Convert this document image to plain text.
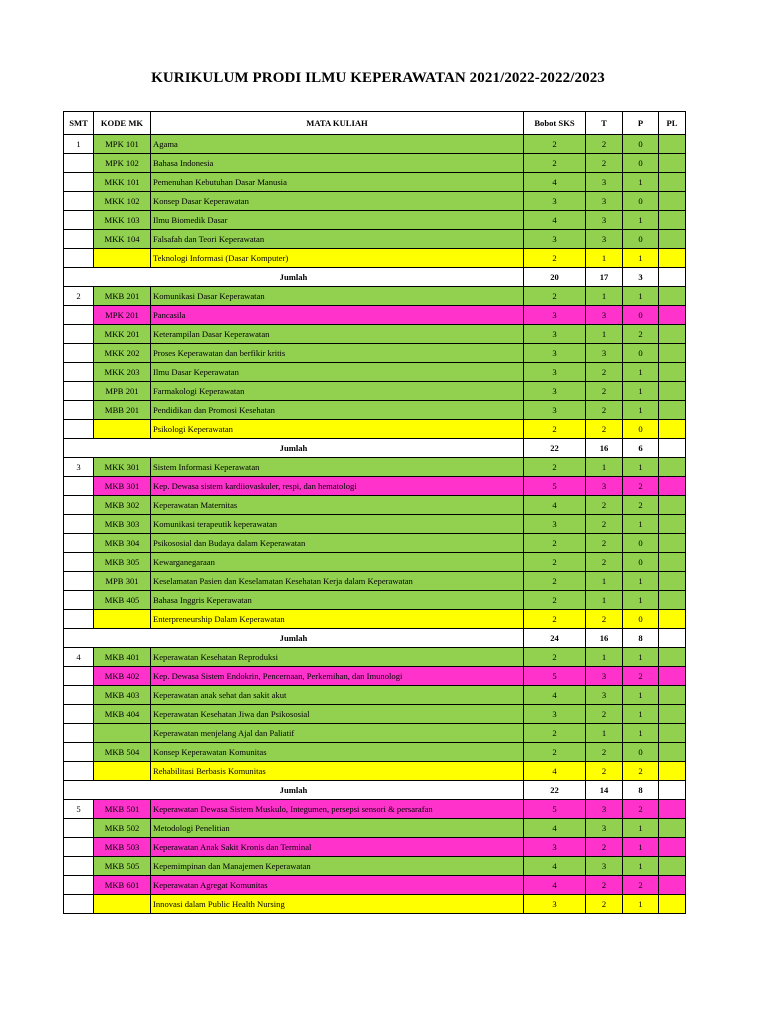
KURIKULUM PRODI ILMU KEPERAWATAN 2021/2022-2022/2023
SMT	KODE MK	MATA KULIAH	Bobot SKS	T	P	PL
1	MPK 101	Agama	2	2	0	
	MPK 102	Bahasa Indonesia	2	2	0	
	MKK 101	Pemenuhan Kebutuhan Dasar Manusia	4	3	1	
	MKK 102	Konsep Dasar Keperawatan	3	3	0	
	MKK 103	Ilmu Biomedik Dasar	4	3	1	
	MKK 104	Falsafah dan Teori Keperawatan	3	3	0	
		Teknologi Informasi (Dasar Komputer)	2	1	1	
Jumlah			20	17	3	
2	MKB 201	Komunikasi Dasar Keperawatan	2	1	1	
	MPK 201	Pancasila	3	3	0	
	MKK 201	Keterampilan Dasar Keperawatan	3	1	2	
	MKK 202	Proses Keperawatan dan berfikir kritis	3	3	0	
	MKK 203	Ilmu Dasar Keperawatan	3	2	1	
	MPB 201	Farmakologi Keperawatan	3	2	1	
	MBB 201	Pendidikan dan Promosi Kesehatan	3	2	1	
		Psikologi Keperawatan	2	2	0	
Jumlah			22	16	6	
3	MKK 301	Sistem Informasi Keperawatan	2	1	1	
	MKB 301	Kep. Dewasa sistem kardiiovaskuler, respi, dan hematologi	5	3	2	
	MKB 302	Keperawatan Maternitas	4	2	2	
	MKB 303	Komunikasi terapeutik keperawatan	3	2	1	
	MKB 304	Psikososial dan Budaya dalam Keperawatan	2	2	0	
	MKB 305	Kewarganegaraan	2	2	0	
	MPB 301	Keselamatan Pasien dan Keselamatan Kesehatan Kerja dalam Keperawatan	2	1	1	
	MKB 405	Bahasa Inggris Keperawatan	2	1	1	
		Enterpreneurship Dalam Keperawatan	2	2	0	
Jumlah			24	16	8	
4	MKB 401	Keperawatan Kesehatan Reproduksi	2	1	1	
	MKB 402	Kep. Dewasa Sistem Endokrin, Pencernaan, Perkemihan, dan Imunologi	5	3	2	
	MKB 403	Keperawatan anak sehat dan sakit akut	4	3	1	
	MKB 404	Keperawatan Kesehatan Jiwa dan Psikososial	3	2	1	
		Keperawatan menjelang Ajal dan Paliatif	2	1	1	
	MKB 504	Konsep Keperawatan Komunitas	2	2	0	
		Rehabilitasi Berbasis Komunitas	4	2	2	
Jumlah			22	14	8	
5	MKB 501	Keperawatan Dewasa Sistem Muskulo, Integumen, persepsi sensori & persarafan	5	3	2	
	MKB 502	Metodologi Penelitian	4	3	1	
	MKB 503	Keperawatan Anak Sakit Kronis dan Terminal	3	2	1	
	MKB 505	Kepemimpinan dan Manajemen Keperawatan	4	3	1	
	MKB 601	Keperawatan Agregat Komunitas	4	2	2	
		Innovasi dalam Public Health Nursing	3	2	1	
